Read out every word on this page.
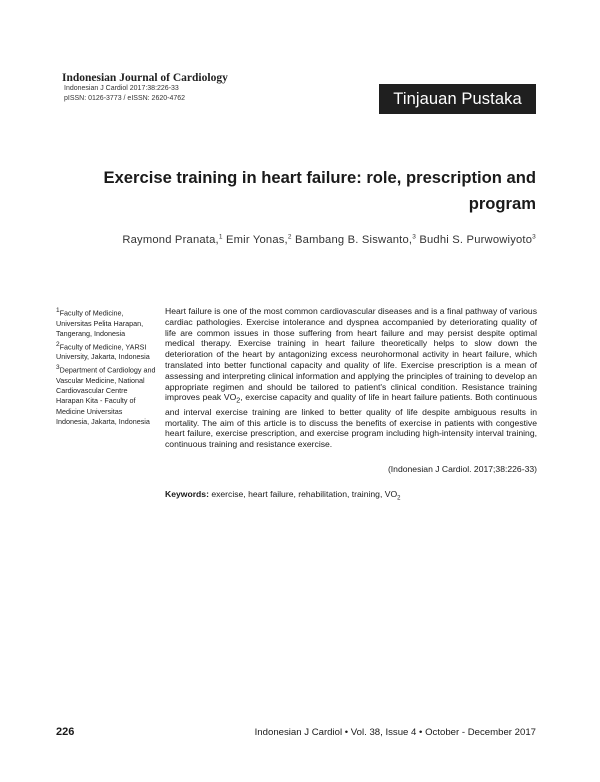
Indonesian Journal of Cardiology
Indonesian J Cardiol 2017:38:226-33
pISSN: 0126-3773 / eISSN: 2620-4762	Tinjauan Pustaka
Exercise training in heart failure: role, prescription and program
Raymond Pranata,$^1$ Emir Yonas,$^2$ Bambang B. Siswanto,$^3$ Budhi S. Purwowiyoto$^3$
$^1$Faculty of Medicine, Universitas Pelita Harapan, Tangerang, Indonesia
$^2$Faculty of Medicine, YARSI University, Jakarta, Indonesia
$^3$Department of Cardiology and Vascular Medicine, National Cardiovascular Centre Harapan Kita - Faculty of Medicine Universitas Indonesia, Jakarta, Indonesia

Heart failure is one of the most common cardiovascular diseases and is a final pathway of various cardiac pathologies. Exercise intolerance and dyspnea accompanied by deteriorating quality of life are common issues in those suffering from heart failure and may persist despite optimal medical therapy. Exercise training in heart failure theoretically helps to slow down the deterioration of the heart by antagonizing excess neurohormonal activity in heart failure, which translated into better functional capacity and quality of life. Exercise prescription is a mean of assessing and interpreting clinical information and applying the principles of training to develop an appropriate regimen and should be tailored to patient's clinical condition. Resistance training improves peak $VO_2$, exercise capacity and quality of life in heart failure patients. Both continuous and interval exercise training are linked to better quality of life despite ambiguous results in mortality. The aim of this article is to discuss the benefits of exercise in patients with congestive heart failure, exercise prescription, and exercise program including high-intensity interval training, continuous training and resistance exercise.

(Indonesian J Cardiol. 2017;38:226-33)
Keywords: exercise, heart failure, rehabilitation, training, $VO_2$
226	Indonesian J Cardiol • Vol. 38, Issue 4 • October - December 2017
